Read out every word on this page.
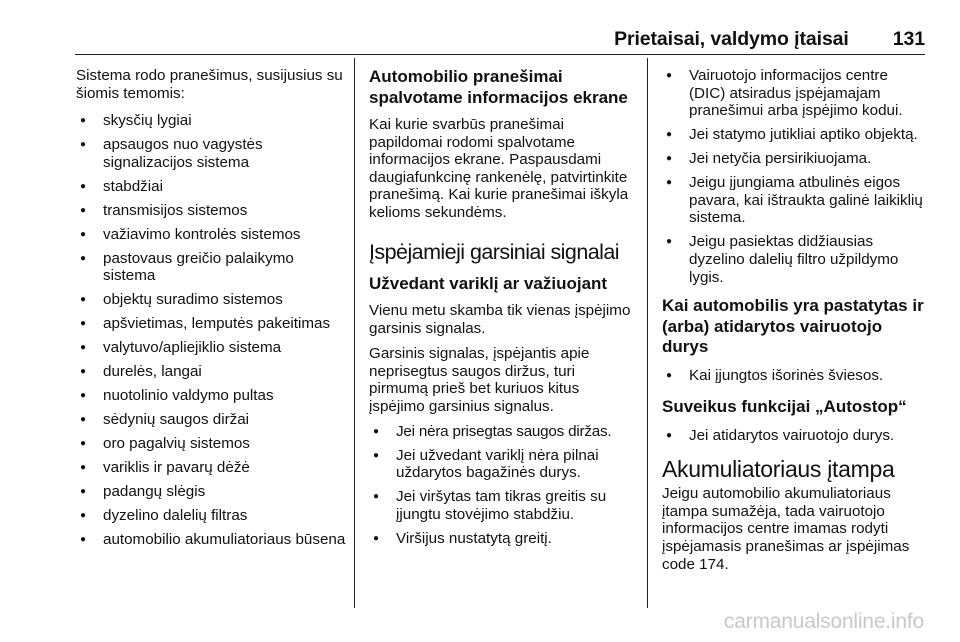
Prietaisai, valdymo įtaisai 131

Sistema rodo pranešimus, susijusius su šiomis temomis:

● skysčių lygiai
● apsaugos nuo vagystės signalizacijos sistema
● stabdžiai
● transmisijos sistemos
● važiavimo kontrolės sistemos
● pastovaus greičio palaikymo sistema
● objektų suradimo sistemos
● apšvietimas, lemputės pakeitimas
● valytuvo/apliejiklio sistema
● durelės, langai
● nuotolinio valdymo pultas
● sėdynių saugos diržai
● oro pagalvių sistemos
● variklis ir pavarų dėžė
● padangų slėgis
● dyzelino dalelių filtras
● automobilio akumuliatoriaus būsena
Automobilio pranešimai spalvotame informacijos ekrane

Kai kurie svarbūs pranešimai papildomai rodomi spalvotame informacijos ekrane. Paspausdami daugiafunkcinę rankenėlę, patvirtinkite pranešimą. Kai kurie pranešimai iškyla kelioms sekundėms.

Įspėjamieji garsiniai signalai
Užvedant variklį ar važiuojant

Vienu metu skamba tik vienas įspėjimo garsinis signalas.

Garsinis signalas, įspėjantis apie neprisegtus saugos diržus, turi pirmumą prieš bet kuriuos kitus įspėjimo garsinius signalus.

● Jei nėra prisegtas saugos diržas.
● Jei užvedant variklį nėra pilnai uždarytos bagažinės durys.
● Jei viršytas tam tikras greitis su įjungtu stovėjimo stabdžiu.
● Viršijus nustatytą greitį.
● Vairuotojo informacijos centre (DIC) atsiradus įspėjamajam pranešimui arba įspėjimo kodui.
● Jei statymo jutikliai aptiko objektą.
● Jei netyčia persirikiuojama.
● Jeigu įjungiama atbulinės eigos pavara, kai ištraukta galinė laikiklių sistema.
● Jeigu pasiektas didžiausias dyzelino dalelių filtro užpildymo lygis.
Kai automobilis yra pastatytas ir (arba) atidarytos vairuotojo durys
● Kai įjungtos išorinės šviesos.
Suveikus funkcijai „Autostop“
● Jei atidarytos vairuotojo durys.
Akumuliatoriaus įtampa

Jeigu automobilio akumuliatoriaus įtampa sumažėja, tada vairuotojo informacijos centre imamas rodyti įspėjamasis pranešimas ar įspėjimas code 174.

carmanualsonline.info
